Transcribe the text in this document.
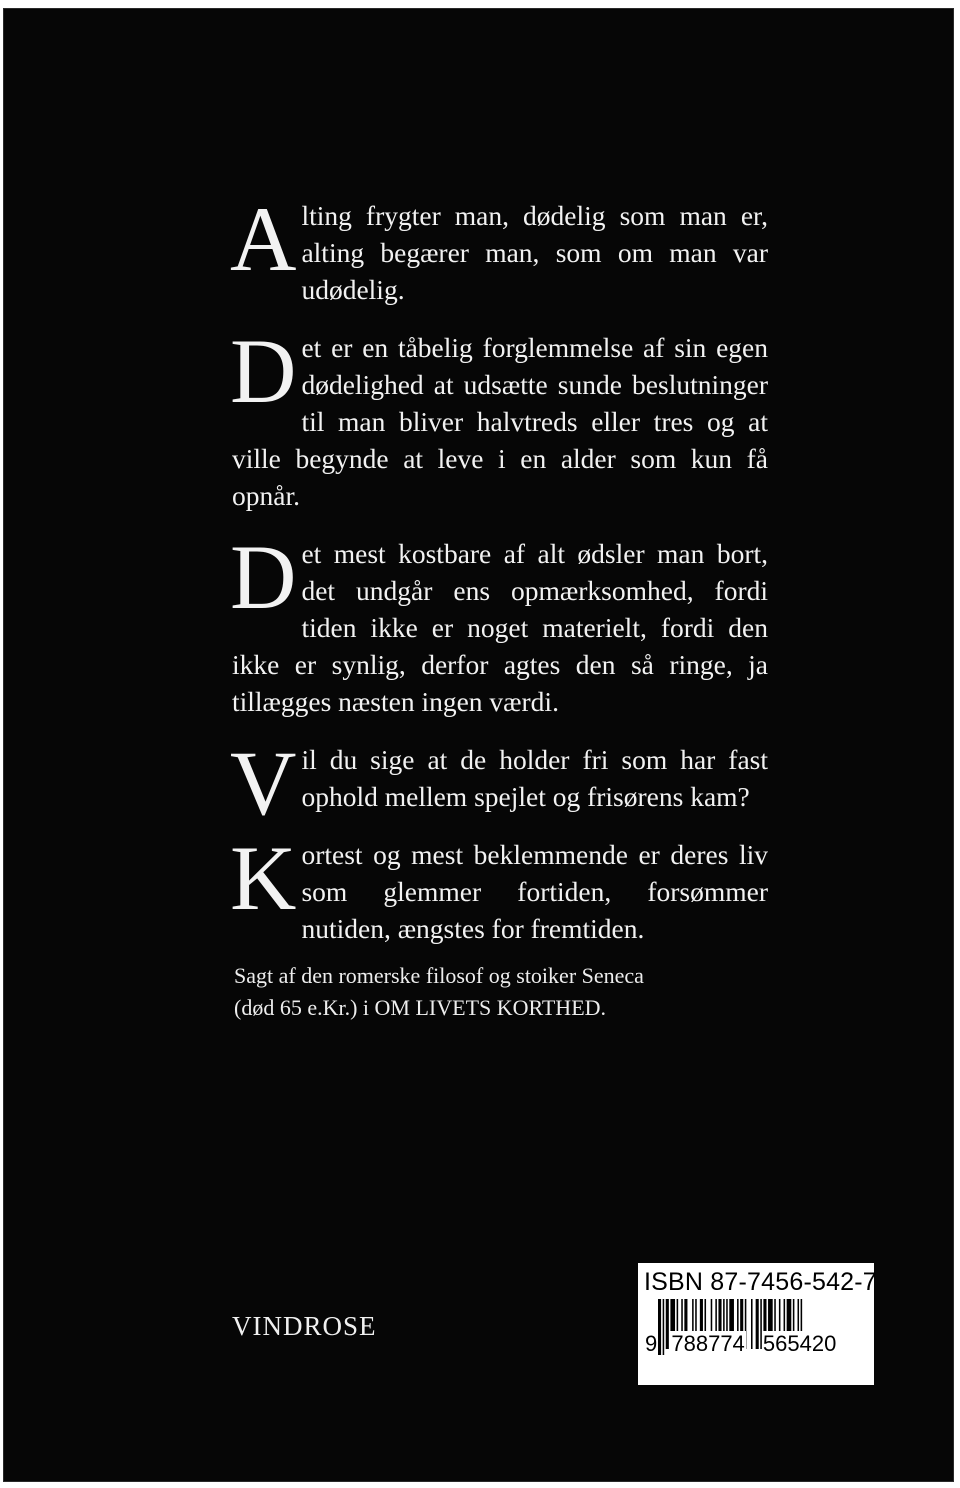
A lting frygter man, dødelig som man er, alting begærer man, som om man var udødelig.

D et er en tåbelig forglemmelse af sin egen dødelighed at udsætte sunde beslutninger til man bliver halvtreds eller tres og at ville begynde at leve i en alder som kun få opnår.

D et mest kostbare af alt ødsler man bort, det undgår ens opmærksomhed, fordi tiden ikke er noget materielt, fordi den ikke er synlig, derfor agtes den så ringe, ja tillægges næsten ingen værdi.

V il du sige at de holder fri som har fast ophold mellem spejlet og frisørens kam?

K ortest og mest beklemmende er deres liv som glemmer fortiden, forsømmer nutiden, ængstes for fremtiden.

Sagt af den romerske filosof og stoiker Seneca
(død 65 e.Kr.) i OM LIVETS KORTHED.
VINDROSE
ISBN 87-7456-542-7
9 788774 565420
